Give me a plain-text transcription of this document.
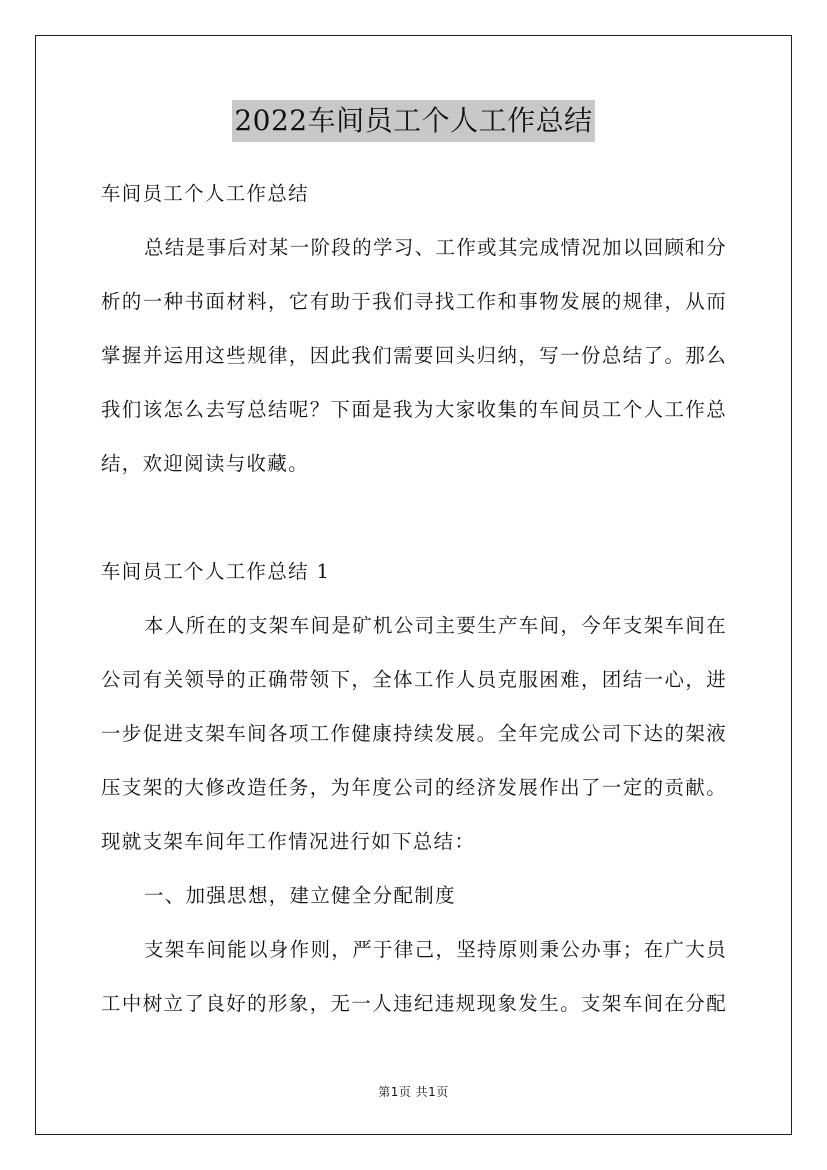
2022车间员工个人工作总结
车间员工个人工作总结
总结是事后对某一阶段的学习、工作或其完成情况加以回顾和分
析的一种书面材料，它有助于我们寻找工作和事物发展的规律，从而
掌握并运用这些规律，因此我们需要回头归纳，写一份总结了。那么
我们该怎么去写总结呢？下面是我为大家收集的车间员工个人工作总
结，欢迎阅读与收藏。
车间员工个人工作总结 1
本人所在的支架车间是矿机公司主要生产车间，今年支架车间在
公司有关领导的正确带领下，全体工作人员克服困难，团结一心，进
一步促进支架车间各项工作健康持续发展。全年完成公司下达的架液
压支架的大修改造任务，为年度公司的经济发展作出了一定的贡献。
现就支架车间年工作情况进行如下总结：
一、加强思想，建立健全分配制度
支架车间能以身作则，严于律己，坚持原则秉公办事；在广大员
工中树立了良好的形象，无一人违纪违规现象发生。支架车间在分配
第1页 共1页
